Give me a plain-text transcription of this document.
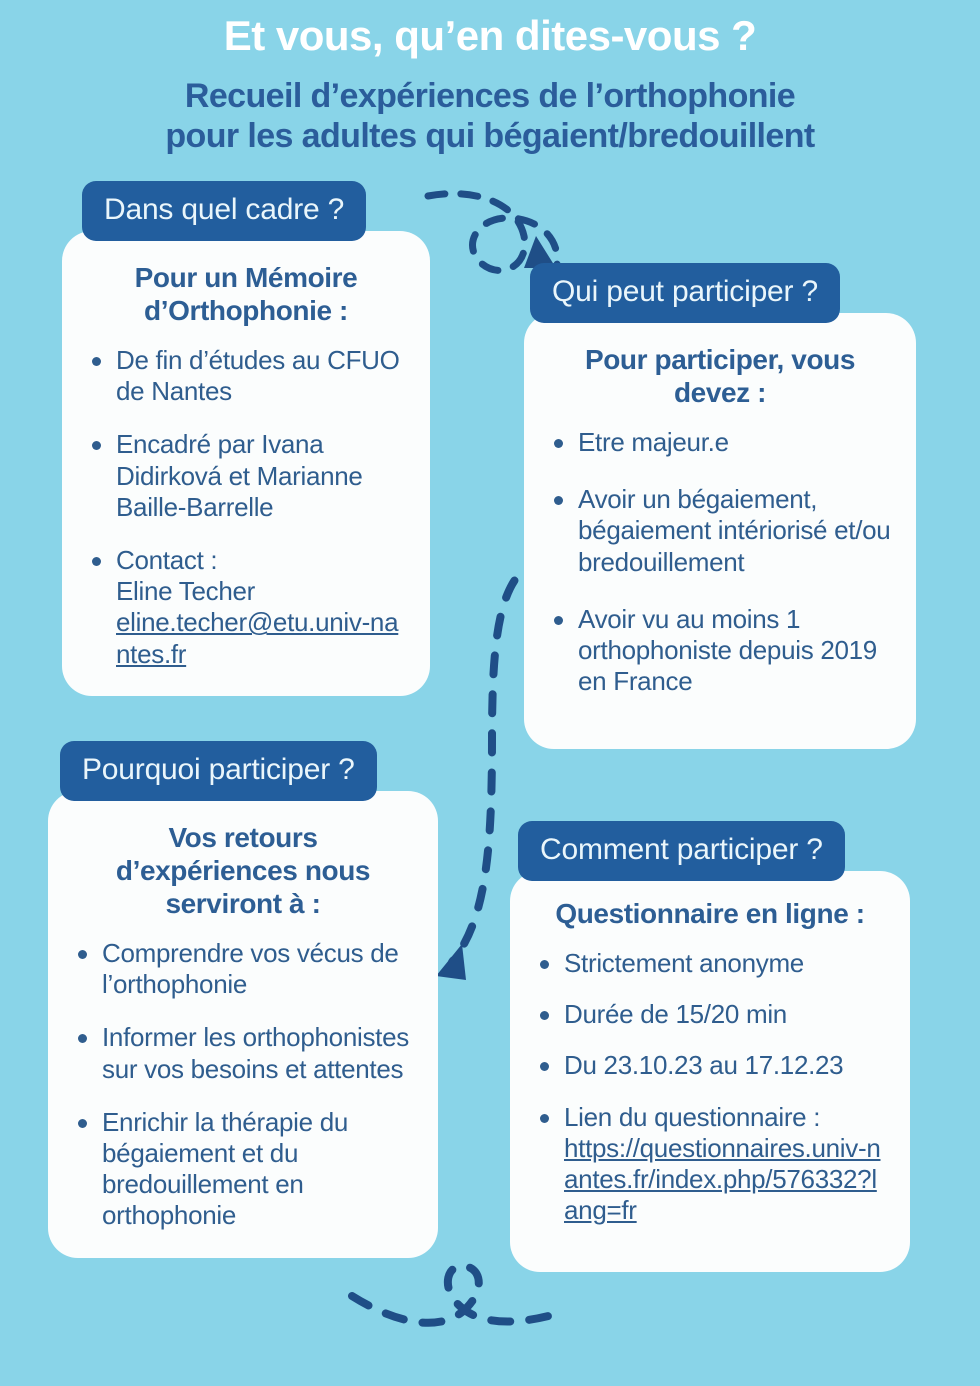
Et vous, qu’en dites-vous ?
Recueil d’expériences de l’orthophonie
pour les adultes qui bégaient/bredouillent
Dans quel cadre ?
Pour un Mémoire d’Orthophonie :
De fin d’études au CFUO de Nantes
Encadré par Ivana Didirková et Marianne Baille-Barrelle
Contact :
Eline Techer
eline.techer@etu.univ-nantes.fr
Qui peut participer ?
Pour participer, vous devez :
Etre majeur.e
Avoir un bégaiement, bégaiement intériorisé et/ou bredouillement
Avoir vu au moins 1 orthophoniste depuis 2019 en France
Pourquoi participer ?
Vos retours d’expériences nous serviront à :
Comprendre vos vécus de l’orthophonie
Informer les orthophonistes sur vos besoins et attentes
Enrichir la thérapie du bégaiement et du bredouillement en orthophonie
Comment participer ?
Questionnaire en ligne :
Strictement anonyme
Durée de 15/20 min
Du 23.10.23 au 17.12.23
Lien du questionnaire :
https://questionnaires.univ-nantes.fr/index.php/576332?lang=fr
